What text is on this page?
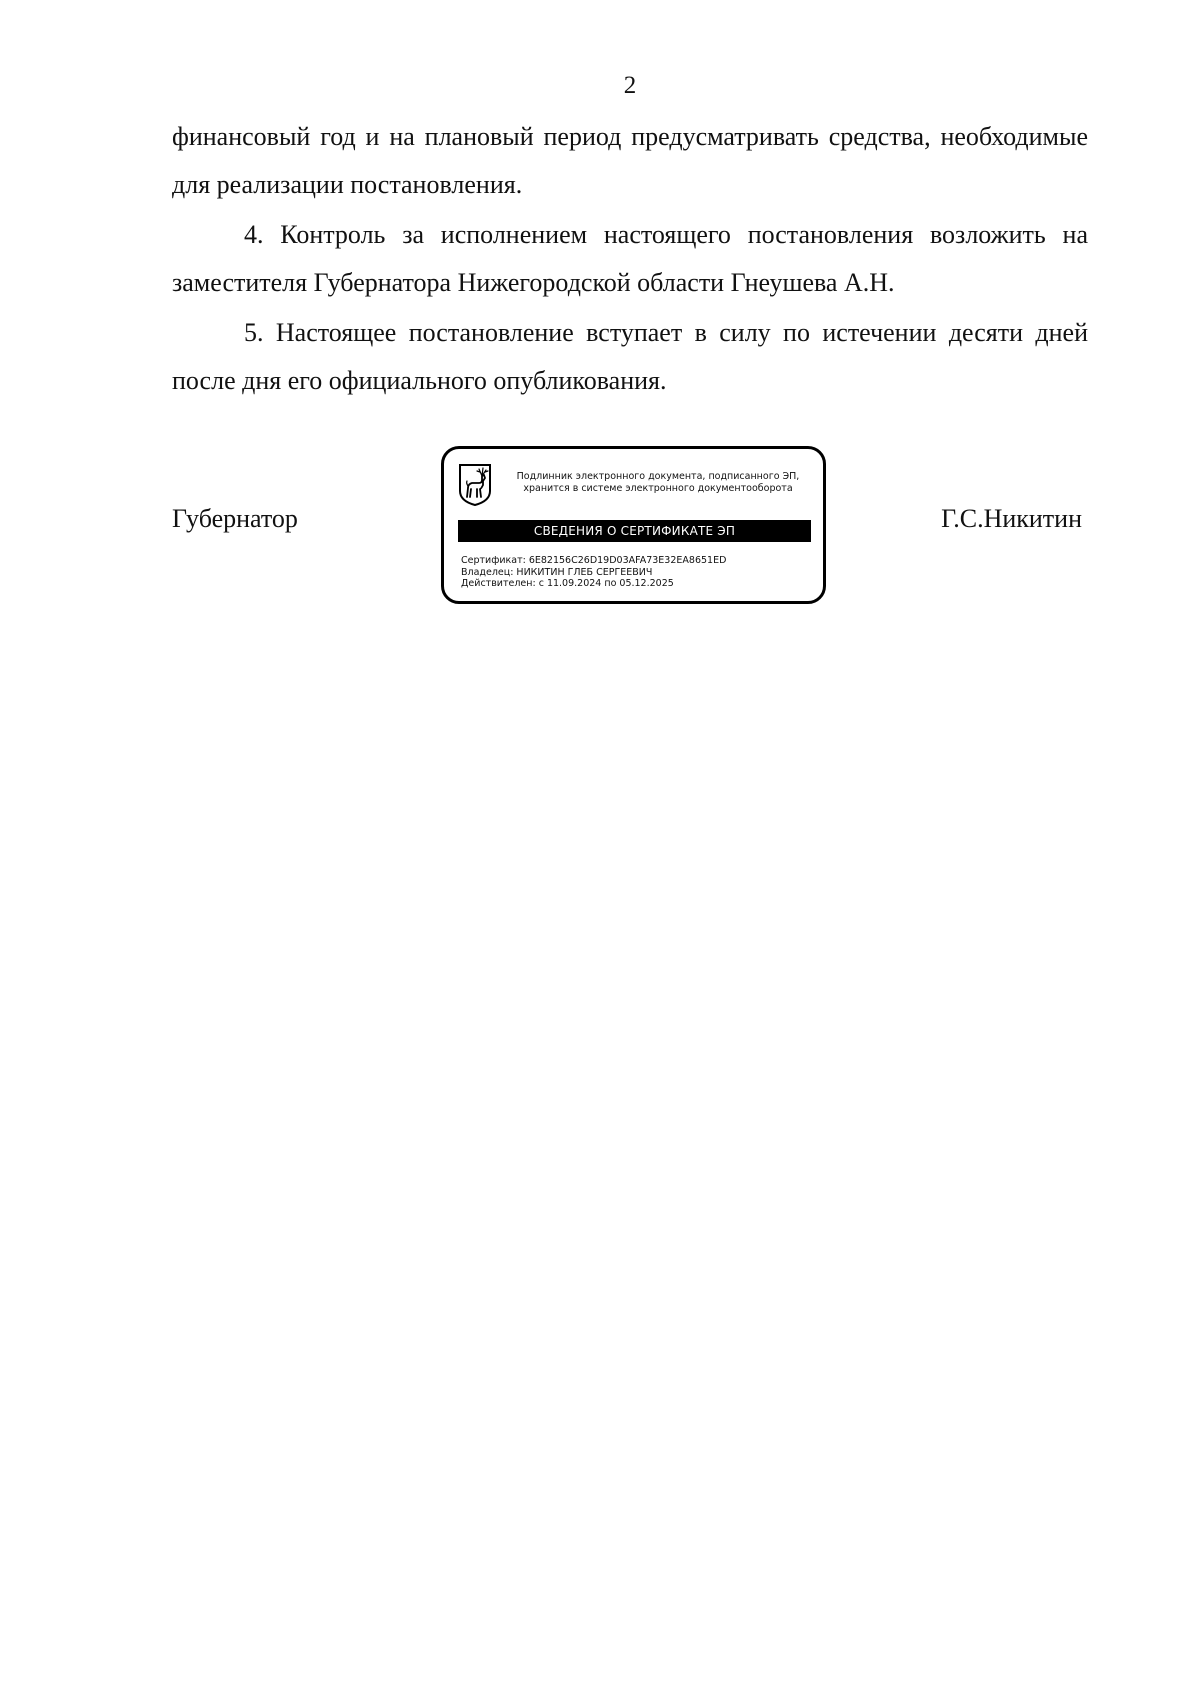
2

финансовый год и на плановый период предусматривать средства, необходимые для реализации постановления.

4. Контроль за исполнением настоящего постановления возложить на заместителя Губернатора Нижегородской области Гнеушева А.Н.

5. Настоящее постановление вступает в силу по истечении десяти дней после дня его официального опубликования.

Губернатор	Г.С.Никитин
Подлинник электронного документа, подписанного ЭП,
хранится в системе электронного документооборота
СВЕДЕНИЯ О СЕРТИФИКАТЕ ЭП
Сертификат: 6E82156C26D19D03AFA73E32EA8651ED
Владелец: НИКИТИН ГЛЕБ СЕРГЕЕВИЧ
Действителен: с 11.09.2024 по 05.12.2025
